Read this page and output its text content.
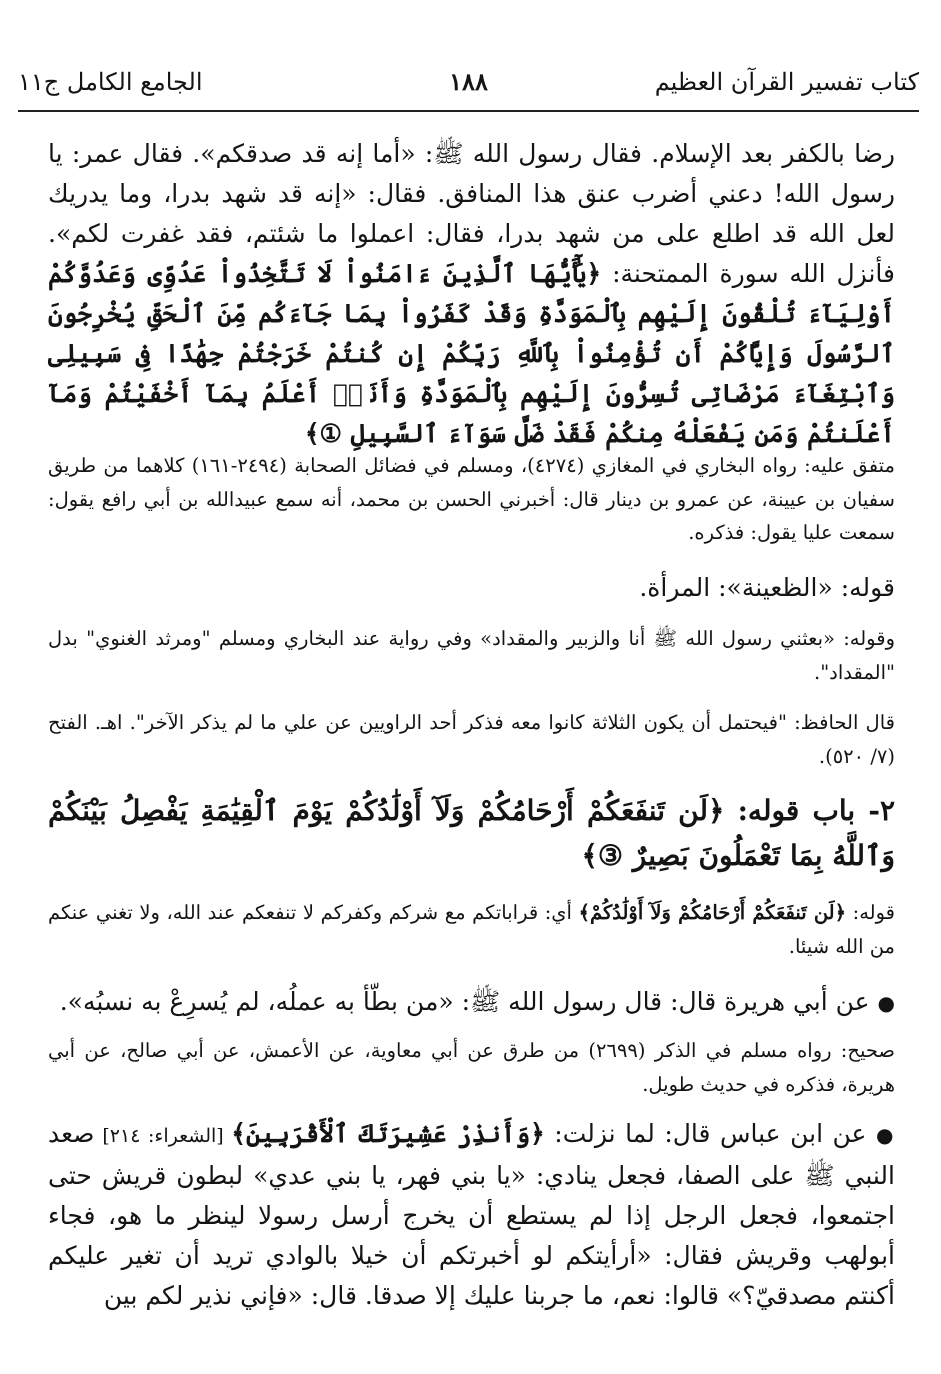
كتاب تفسير القرآن العظيم
١٨٨
الجامع الكامل ج١١
رضا بالكفر بعد الإسلام. فقال رسول الله ﷺ: «أما إنه قد صدقكم». فقال عمر: يا رسول الله! دعني أضرب عنق هذا المنافق. فقال: «إنه قد شهد بدرا، وما يدريك لعل الله قد اطلع على من شهد بدرا، فقال: اعملوا ما شئتم، فقد غفرت لكم». فأنزل الله سورة الممتحنة: ﴿يَٰٓأَيُّهَا ٱلَّذِينَ ءَامَنُواْ لَا تَتَّخِذُواْ عَدُوِّى وَعَدُوَّكُمْ أَوْلِيَآءَ تُلْقُونَ إِلَيْهِم بِٱلْمَوَدَّةِ وَقَدْ كَفَرُواْ بِمَا جَآءَكُم مِّنَ ٱلْحَقِّ يُخْرِجُونَ ٱلرَّسُولَ وَإِيَّاكُمْ أَن تُؤْمِنُواْ بِٱللَّهِ رَبِّكُمْ إِن كُنتُمْ خَرَجْتُمْ جِهَٰدًا فِى سَبِيلِى وَٱبْتِغَآءَ مَرْضَاتِى تُسِرُّونَ إِلَيْهِم بِٱلْمَوَدَّةِ وَأَنَا۠ أَعْلَمُ بِمَآ أَخْفَيْتُمْ وَمَآ أَعْلَنتُمْ وَمَن يَفْعَلْهُ مِنكُمْ فَقَدْ ضَلَّ سَوَآءَ ٱلسَّبِيلِ ①﴾
متفق عليه: رواه البخاري في المغازي (٤٢٧٤)، ومسلم في فضائل الصحابة (٢٤٩٤-١٦١) كلاهما من طريق سفيان بن عيينة، عن عمرو بن دينار قال: أخبرني الحسن بن محمد، أنه سمع عبيدالله بن أبي رافع يقول: سمعت عليا يقول: فذكره.
قوله: «الظعينة»: المرأة.
وقوله: «بعثني رسول الله ﷺ أنا والزبير والمقداد» وفي رواية عند البخاري ومسلم "ومرثد الغنوي" بدل "المقداد".
قال الحافظ: "فيحتمل أن يكون الثلاثة كانوا معه فذكر أحد الراويين عن علي ما لم يذكر الآخر". اهـ. الفتح (٧/ ٥٢٠).
٢- باب قوله: ﴿لَن تَنفَعَكُمْ أَرْحَامُكُمْ وَلَآ أَوْلَٰدُكُمْ يَوْمَ ٱلْقِيَٰمَةِ يَفْصِلُ بَيْنَكُمْ وَٱللَّهُ بِمَا تَعْمَلُونَ بَصِيرٌ ③﴾
قوله: ﴿لَن تَنفَعَكُمْ أَرْحَامُكُمْ وَلَآ أَوْلَٰدُكُمْ﴾ أي: قراباتكم مع شركم وكفركم لا تنفعكم عند الله، ولا تغني عنكم من الله شيئا.
● عن أبي هريرة قال: قال رسول الله ﷺ: «من بطّأ به عملُه، لم يُسرِعْ به نسبُه».
صحيح: رواه مسلم في الذكر (٢٦٩٩) من طرق عن أبي معاوية، عن الأعمش، عن أبي صالح، عن أبي هريرة، فذكره في حديث طويل.
● عن ابن عباس قال: لما نزلت: ﴿وَأَنذِرْ عَشِيرَتَكَ ٱلْأَقْرَبِينَ﴾ [الشعراء: ٢١٤] صعد النبي ﷺ على الصفا، فجعل ينادي: «يا بني فهر، يا بني عدي» لبطون قريش حتى اجتمعوا، فجعل الرجل إذا لم يستطع أن يخرج أرسل رسولا لينظر ما هو، فجاء أبولهب وقريش فقال: «أرأيتكم لو أخبرتكم أن خيلا بالوادي تريد أن تغير عليكم أكنتم مصدقيّ؟» قالوا: نعم، ما جربنا عليك إلا صدقا. قال: «فإني نذير لكم بين
